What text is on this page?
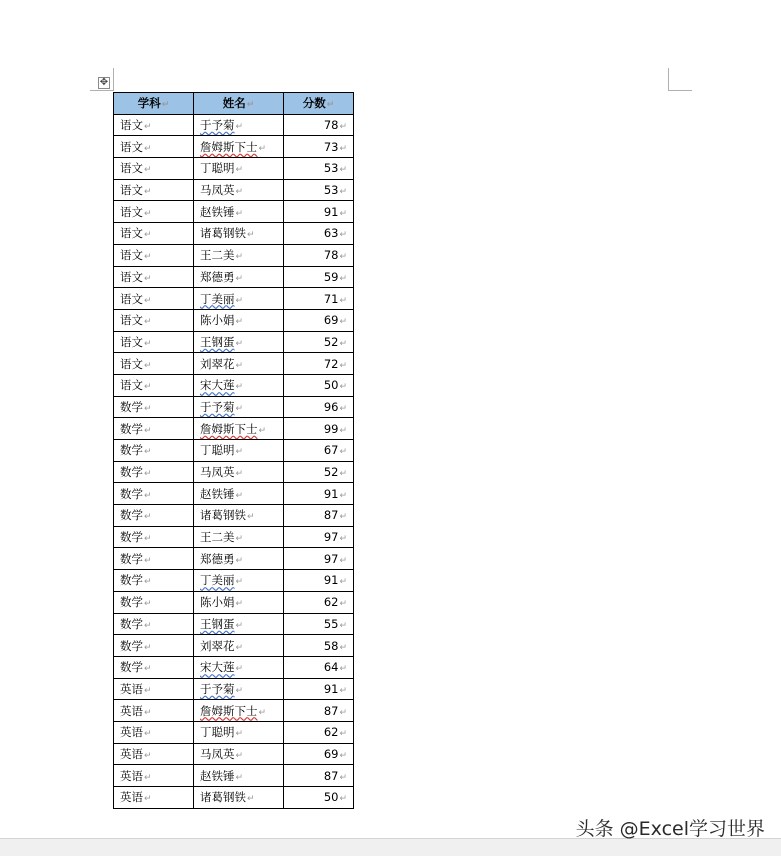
✥
学科↵	姓名↵	分数↵
语文↵	于予菊↵	78↵
语文↵	詹姆斯下士↵	73↵
语文↵	丁聪明↵	53↵
语文↵	马凤英↵	53↵
语文↵	赵铁锤↵	91↵
语文↵	诸葛钢铁↵	63↵
语文↵	王二美↵	78↵
语文↵	郑德勇↵	59↵
语文↵	丁美丽↵	71↵
语文↵	陈小娟↵	69↵
语文↵	王钢蛋↵	52↵
语文↵	刘翠花↵	72↵
语文↵	宋大莲↵	50↵
数学↵	于予菊↵	96↵
数学↵	詹姆斯下士↵	99↵
数学↵	丁聪明↵	67↵
数学↵	马凤英↵	52↵
数学↵	赵铁锤↵	91↵
数学↵	诸葛钢铁↵	87↵
数学↵	王二美↵	97↵
数学↵	郑德勇↵	97↵
数学↵	丁美丽↵	91↵
数学↵	陈小娟↵	62↵
数学↵	王钢蛋↵	55↵
数学↵	刘翠花↵	58↵
数学↵	宋大莲↵	64↵
英语↵	于予菊↵	91↵
英语↵	詹姆斯下士↵	87↵
英语↵	丁聪明↵	62↵
英语↵	马凤英↵	69↵
英语↵	赵铁锤↵	87↵
英语↵	诸葛钢铁↵	50↵
头条 @Excel学习世界
